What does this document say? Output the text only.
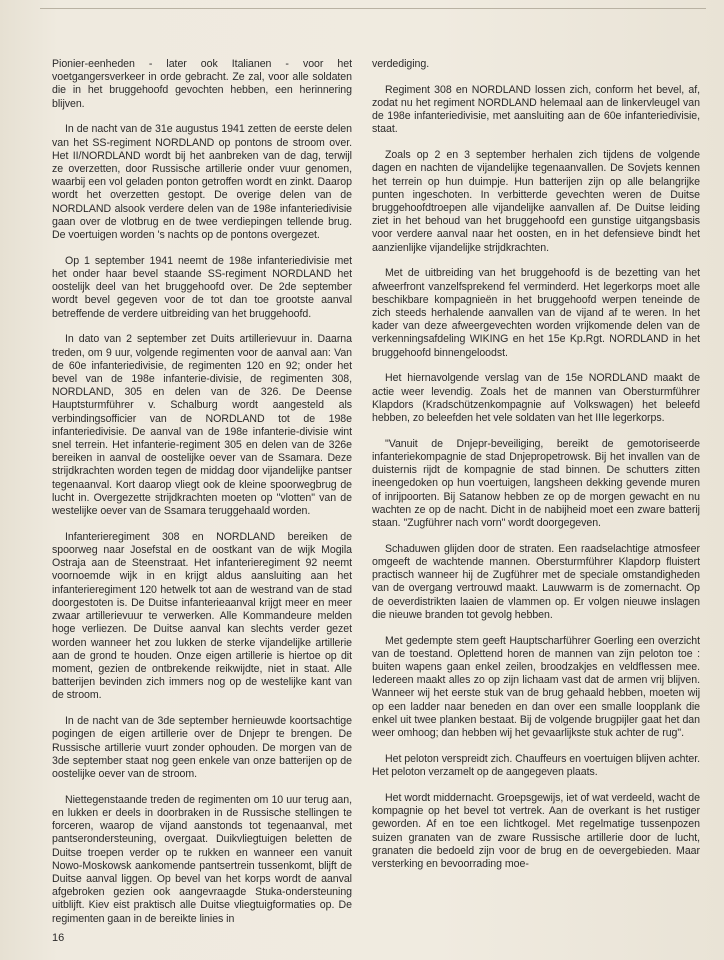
Pionier-eenheden - later ook Italianen - voor het voetgangersverkeer in orde gebracht. Ze zal, voor alle soldaten die in het bruggehoofd gevochten hebben, een herinnering blijven.

In de nacht van de 31e augustus 1941 zetten de eerste delen van het SS-regiment NORDLAND op pontons de stroom over. Het II/NORDLAND wordt bij het aanbreken van de dag, terwijl ze overzetten, door Russische artillerie onder vuur genomen, waarbij een vol geladen ponton getroffen wordt en zinkt. Daarop wordt het overzetten gestopt. De overige delen van de NORDLAND alsook verdere delen van de 198e infanteriedivisie gaan over de vlotbrug en de twee verdiepingen tellende brug. De voertuigen worden 's nachts op de pontons overgezet.

Op 1 september 1941 neemt de 198e infanteriedivisie met het onder haar bevel staande SS-regiment NORDLAND het oostelijk deel van het bruggehoofd over. De 2de september wordt bevel gegeven voor de tot dan toe grootste aanval betreffende de verdere uitbreiding van het bruggehoofd.

In dato van 2 september zet Duits artillerievuur in. Daarna treden, om 9 uur, volgende regimenten voor de aanval aan: Van de 60e infanteriedivisie, de regimenten 120 en 92; onder het bevel van de 198e infanterie-divisie, de regimenten 308, NORDLAND, 305 en delen van de 326. De Deense Hauptsturmführer v. Schalburg wordt aangesteld als verbindingsofficier van de NORDLAND tot de 198e infanteriedivisie. De aanval van de 198e infanterie-divisie wint snel terrein. Het infanterie-regiment 305 en delen van de 326e bereiken in aanval de oostelijke oever van de Ssamara. Deze strijdkrachten worden tegen de middag door vijandelijke pantser tegenaanval. Kort daarop vliegt ook de kleine spoorwegbrug de lucht in. Overgezette strijdkrachten moeten op "vlotten" van de westelijke oever van de Ssamara teruggehaald worden.

Infanterieregiment 308 en NORDLAND bereiken de spoorweg naar Josefstal en de oostkant van de wijk Mogila Ostraja aan de Steenstraat. Het infanterieregiment 92 neemt voornoemde wijk in en krijgt aldus aansluiting aan het infanterieregiment 120 hetwelk tot aan de westrand van de stad doorgestoten is. De Duitse infanterieaanval krijgt meer en meer zwaar artillerievuur te verwerken. Alle Kommandeure melden hoge verliezen. De Duitse aanval kan slechts verder gezet worden wanneer het zou lukken de sterke vijandelijke artillerie aan de grond te houden. Onze eigen artillerie is hiertoe op dit moment, gezien de ontbrekende reikwijdte, niet in staat. Alle batterijen bevinden zich immers nog op de westelijke kant van de stroom.

In de nacht van de 3de september hernieuwde koortsachtige pogingen de eigen artillerie over de Dnjepr te brengen. De Russische artillerie vuurt zonder ophouden. De morgen van de 3de september staat nog geen enkele van onze batterijen op de oostelijke oever van de stroom.

Niettegenstaande treden de regimenten om 10 uur terug aan, en lukken er deels in doorbraken in de Russische stellingen te forceren, waarop de vijand aanstonds tot tegenaanval, met pantserondersteuning, overgaat. Duikvliegtuigen beletten de Duitse troepen verder op te rukken en wanneer een vanuit Nowo-Moskowsk aankomende pantsertrein tussenkomt, blijft de Duitse aanval liggen. Op bevel van het korps wordt de aanval afgebroken gezien ook aangevraagde Stuka-ondersteuning uitblijft. Kiev eist praktisch alle Duitse vliegtuigformaties op. De regimenten gaan in de bereikte linies in

verdediging.

Regiment 308 en NORDLAND lossen zich, conform het bevel, af, zodat nu het regiment NORDLAND helemaal aan de linkervleugel van de 198e infanteriedivisie, met aansluiting aan de 60e infanteriedivisie, staat.

Zoals op 2 en 3 september herhalen zich tijdens de volgende dagen en nachten de vijandelijke tegenaanvallen. De Sovjets kennen het terrein op hun duimpje. Hun batterijen zijn op alle belangrijke punten ingeschoten. In verbitterde gevechten weren de Duitse bruggehoofdtroepen alle vijandelijke aanvallen af. De Duitse leiding ziet in het behoud van het bruggehoofd een gunstige uitgangsbasis voor verdere aanval naar het oosten, en in het defensieve bindt het aanzienlijke vijandelijke strijdkrachten.

Met de uitbreiding van het bruggehoofd is de bezetting van het afweerfront vanzelfsprekend fel verminderd. Het legerkorps moet alle beschikbare kompagnieën in het bruggehoofd werpen teneinde de zich steeds herhalende aanvallen van de vijand af te weren. In het kader van deze afweergevechten worden vrijkomende delen van de verkenningsafdeling WIKING en het 15e Kp.Rgt. NORDLAND in het bruggehoofd binnengeloodst.

Het hiernavolgende verslag van de 15e NORDLAND maakt de actie weer levendig. Zoals het de mannen van Obersturmführer Klapdors (Kradschützenkompagnie auf Volkswagen) het beleefd hebben, zo beleefden het vele soldaten van het IIIe legerkorps.

"Vanuit de Dnjepr-beveiliging, bereikt de gemotoriseerde infanteriekompagnie de stad Dnjepropetrowsk. Bij het invallen van de duisternis rijdt de kompagnie de stad binnen. De schutters zitten ineengedoken op hun voertuigen, langsheen dekking gevende muren of inrijpoorten. Bij Satanow hebben ze op de morgen gewacht en nu wachten ze op de nacht. Dicht in de nabijheid moet een zware batterij staan. "Zugführer nach vorn" wordt doorgegeven.

Schaduwen glijden door de straten. Een raadselachtige atmosfeer omgeeft de wachtende mannen. Obersturmführer Klapdorp fluistert practisch wanneer hij de Zugführer met de speciale omstandigheden van de overgang vertrouwd maakt. Lauwwarm is de zomernacht. Op de oeverdistrikten laaien de vlammen op. Er volgen nieuwe inslagen die nieuwe branden tot gevolg hebben.

Met gedempte stem geeft Hauptscharführer Goerling een overzicht van de toestand. Oplettend horen de mannen van zijn peloton toe : buiten wapens gaan enkel zeilen, broodzakjes en veldflessen mee. Iedereen maakt alles zo op zijn lichaam vast dat de armen vrij blijven. Wanneer wij het eerste stuk van de brug gehaald hebben, moeten wij op een ladder naar beneden en dan over een smalle loopplank die enkel uit twee planken bestaat. Bij de volgende brugpijler gaat het dan weer omhoog; dan hebben wij het gevaarlijkste stuk achter de rug".

Het peloton verspreidt zich. Chauffeurs en voertuigen blijven achter. Het peloton verzamelt op de aangegeven plaats.

Het wordt middernacht. Groepsgewijs, iet of wat verdeeld, wacht de kompagnie op het bevel tot vertrek. Aan de overkant is het rustiger geworden. Af en toe een lichtkogel. Met regelmatige tussenpozen suizen granaten van de zware Russische artillerie door de lucht, granaten die bedoeld zijn voor de brug en de oevergebieden. Maar versterking en bevoorrading moe-

16
